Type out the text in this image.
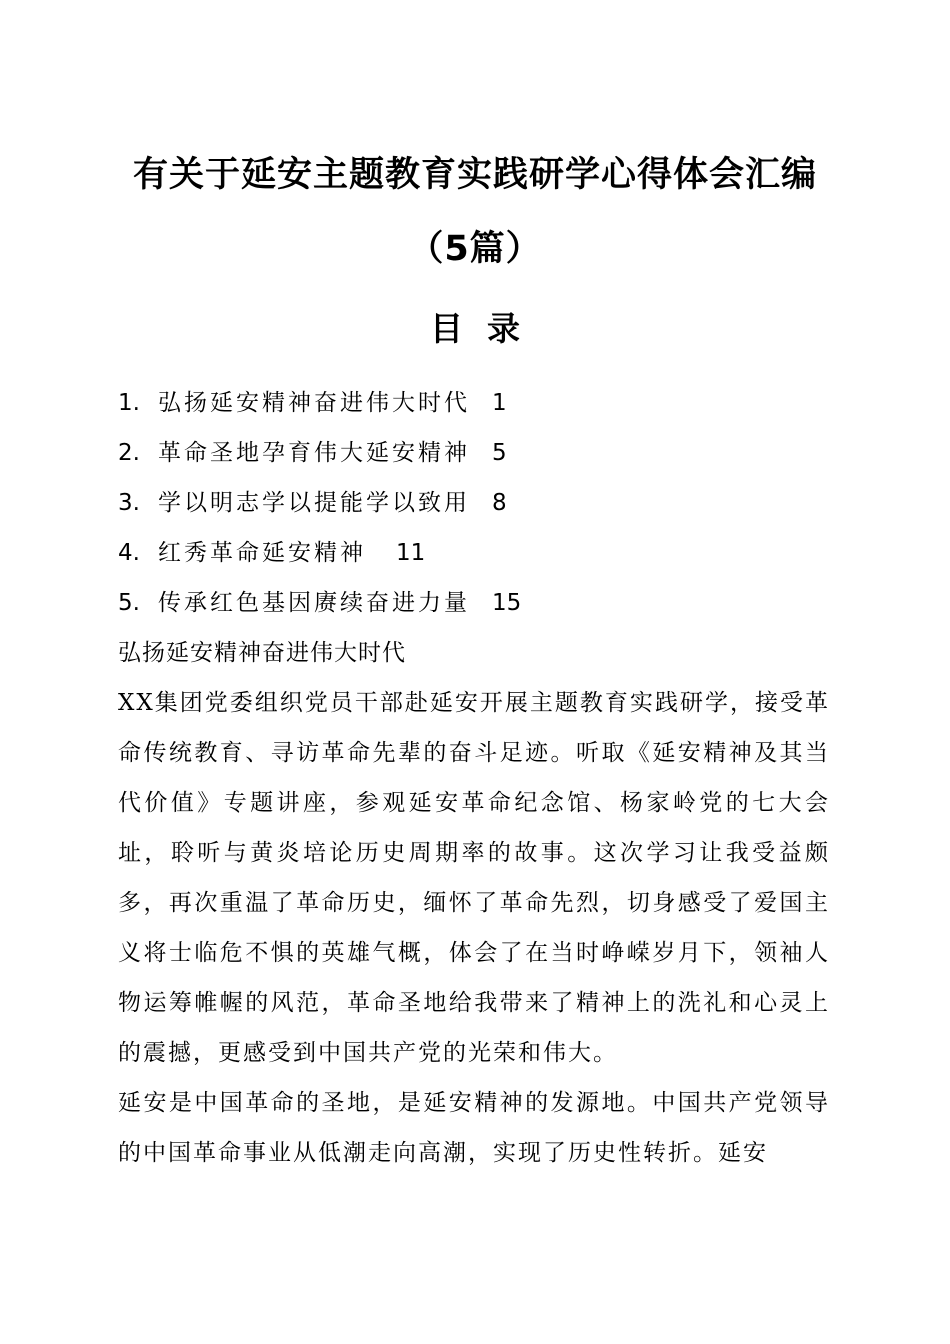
有关于延安主题教育实践研学心得体会汇编
（5篇）
目 录
1. 弘扬延安精神奋进伟大时代 1
2. 革命圣地孕育伟大延安精神 5
3. 学以明志学以提能学以致用 8
4. 红秀革命延安精神 11
5. 传承红色基因赓续奋进力量 15
弘扬延安精神奋进伟大时代

XX集团党委组织党员干部赴延安开展主题教育实践研学，接受革命传统教育、寻访革命先辈的奋斗足迹。听取《延安精神及其当代价值》专题讲座，参观延安革命纪念馆、杨家岭党的七大会址，聆听与黄炎培论历史周期率的故事。这次学习让我受益颇多，再次重温了革命历史，缅怀了革命先烈，切身感受了爱国主义将士临危不惧的英雄气概，体会了在当时峥嵘岁月下，领袖人物运筹帷幄的风范，革命圣地给我带来了精神上的洗礼和心灵上的震撼，更感受到中国共产党的光荣和伟大。

延安是中国革命的圣地，是延安精神的发源地。中国共产党领导的中国革命事业从低潮走向高潮，实现了历史性转折。延安
